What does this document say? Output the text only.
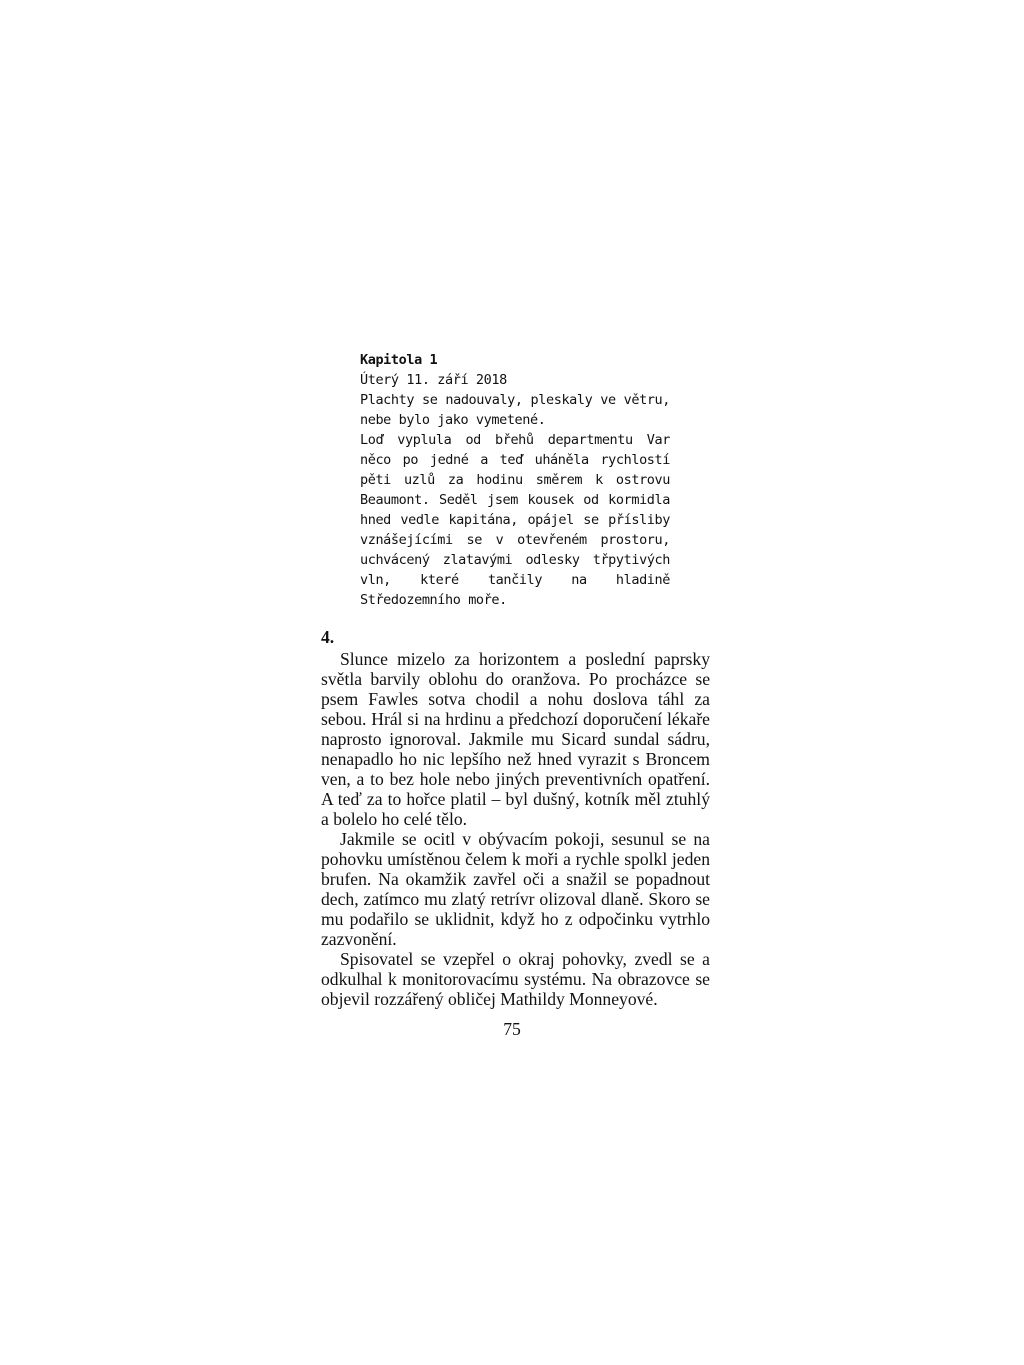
Kapitola 1

Úterý 11. září 2018

Plachty se nadouvaly, pleskaly ve větru, nebe bylo jako vymetené.

Loď vyplula od břehů departmentu Var něco po jedné a teď uháněla rychlostí pěti uzlů za hodinu směrem k ostrovu Beaumont. Seděl jsem kousek od kormidla hned vedle kapitána, opájel se přísliby vznášejícími se v otevřeném prostoru, uchvácený zlatavými odlesky třpytivých vln, které tančily na hladině Středozemního moře.

4.

Slunce mizelo za horizontem a poslední paprsky světla barvily oblohu do oranžova. Po procházce se psem Fawles sotva chodil a nohu doslova táhl za sebou. Hrál si na hrdinu a předchozí doporučení lékaře naprosto ignoroval. Jakmile mu Sicard sundal sádru, nenapadlo ho nic lepšího než hned vyrazit s Broncem ven, a to bez hole nebo jiných preventivních opatření. A teď za to hořce platil – byl dušný, kotník měl ztuhlý a bolelo ho celé tělo.

Jakmile se ocitl v obývacím pokoji, sesunul se na pohovku umístěnou čelem k moři a rychle spolkl jeden brufen. Na okamžik zavřel oči a snažil se popadnout dech, zatímco mu zlatý retrívr olizoval dlaně. Skoro se mu podařilo se uklidnit, když ho z odpočinku vytrhlo zazvonění.

Spisovatel se vzepřel o okraj pohovky, zvedl se a odkulhal k monitorovacímu systému. Na obrazovce se objevil rozzářený obličej Mathildy Monneyové.

75
